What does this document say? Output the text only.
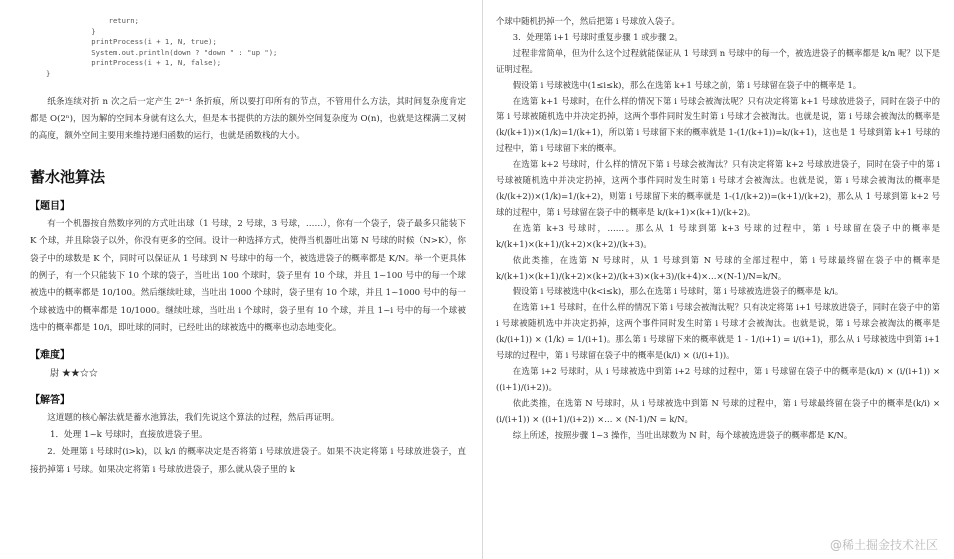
return;
}
printProcess(i + 1, N, true);
System.out.println(down ? "down " : "up ");
printProcess(i + 1, N, false);
}

纸条连续对折 n 次之后一定产生 2ⁿ⁻¹ 条折痕，所以要打印所有的节点，不管用什么方法，其时间复杂度肯定都是 O(2ⁿ)，因为解的空间本身就有这么大，但是本书提供的方法的额外空间复杂度为 O(n)，也就是这棵满二叉树的高度，额外空间主要用来维持递归函数的运行，也就是函数栈的大小。

蓄水池算法
【题目】

有一个机器按自然数序列的方式吐出球（1 号球，2 号球，3 号球，……），你有一个袋子，袋子最多只能装下 K 个球，并且除袋子以外，你没有更多的空间。设计一种选择方式，使得当机器吐出第 N 号球的时候（N>K），你袋子中的球数是 K 个，同时可以保证从 1 号球到 N 号球中的每一个，被选进袋子的概率都是 K/N。举一个更具体的例子，有一个只能装下 10 个球的袋子，当吐出 100 个球时，袋子里有 10 个球，并且 1~100 号中的每一个球被选中的概率都是 10/100。然后继续吐球，当吐出 1000 个球时，袋子里有 10 个球，并且 1~1000 号中的每一个球被选中的概率都是 10/1000。继续吐球，当吐出 i 个球时，袋子里有 10 个球，并且 1~i 号中的每一个球被选中的概率都是 10/i，即吐球的同时，已经吐出的球被选中的概率也动态地变化。

【难度】
尉 ★★☆☆
【解答】

这道题的核心解法就是蓄水池算法，我们先说这个算法的过程，然后再证明。

1．处理 1~k 号球时，直接放进袋子里。

2．处理第 i 号球时(i>k)，以 k/i 的概率决定是否将第 i 号球放进袋子。如果不决定将第 i 号球放进袋子，直接扔掉第 i 号球。如果决定将第 i 号球放进袋子，那么就从袋子里的 k

个球中随机扔掉一个，然后把第 i 号球放入袋子。

3．处理第 i+1 号球时重复步骤 1 或步骤 2。

过程非常简单，但为什么这个过程就能保证从 1 号球到 n 号球中的每一个，被选进袋子的概率都是 k/n 呢？以下是证明过程。

假设第 i 号球被选中(1≤i≤k)，那么在选第 k+1 号球之前，第 i 号球留在袋子中的概率是 1。

在选第 k+1 号球时，在什么样的情况下第 i 号球会被淘汰呢？只有决定将第 k+1 号球放进袋子，同时在袋子中的第 i 号球被随机选中并决定扔掉，这两个事件同时发生时第 i 号球才会被淘汰。也就是说，第 i 号球会被淘汰的概率是(k/(k+1))×(1/k)=1/(k+1)，所以第 i 号球留下来的概率就是 1-(1/(k+1))=k/(k+1)，这也是 1 号球到第 k+1 号球的过程中，第 i 号球留下来的概率。

在选第 k+2 号球时，什么样的情况下第 i 号球会被淘汰？只有决定将第 k+2 号球放进袋子，同时在袋子中的第 i 号球被随机选中并决定扔掉，这两个事件同时发生时第 i 号球才会被淘汰。也就是说，第 i 号球会被淘汰的概率是(k/(k+2))×(1/k)=1/(k+2)，则第 i 号球留下来的概率就是 1-(1/(k+2))=(k+1)/(k+2)，那么从 1 号球到第 k+2 号球的过程中，第 i 号球留在袋子中的概率是 k/(k+1)×(k+1)/(k+2)。

在选第 k+3 号球时，……。那么从 1 号球到第 k+3 号球的过程中，第 i 号球留在袋子中的概率是 k/(k+1)×(k+1)/(k+2)×(k+2)/(k+3)。

依此类推，在选第 N 号球时，从 1 号球到第 N 号球的全部过程中，第 i 号球最终留在袋子中的概率是 k/(k+1)×(k+1)/(k+2)×(k+2)/(k+3)×(k+3)/(k+4)×…×(N-1)/N=k/N。

假设第 i 号球被选中(k<i≤k)，那么在选第 i 号球时，第 i 号球被选进袋子的概率是 k/i。

在选第 i+1 号球时，在什么样的情况下第 i 号球会被淘汰呢？只有决定将第 i+1 号球放进袋子，同时在袋子中的第 i 号球被随机选中并决定扔掉，这两个事件同时发生时第 i 号球才会被淘汰。也就是说，第 i 号球会被淘汰的概率是(k/(i+1)) × (1/k) = 1/(i+1)。那么第 i 号球留下来的概率就是 1 - 1/(i+1) = i/(i+1)，那么从 i 号球被选中到第 i+1 号球的过程中，第 i 号球留在袋子中的概率是(k/i) × (i/(i+1))。

在选第 i+2 号球时，从 i 号球被选中到第 i+2 号球的过程中，第 i 号球留在袋子中的概率是(k/i) × (i/(i+1)) × ((i+1)/(i+2))。

依此类推，在选第 N 号球时，从 i 号球被选中到第 N 号球的过程中，第 i 号球最终留在袋子中的概率是(k/i) × (i/(i+1)) × ((i+1)/(i+2)) ×… × (N-1)/N = k/N。

综上所述，按照步骤 1~3 操作，当吐出球数为 N 时，每个球被选进袋子的概率都是 K/N。

@稀土掘金技术社区
